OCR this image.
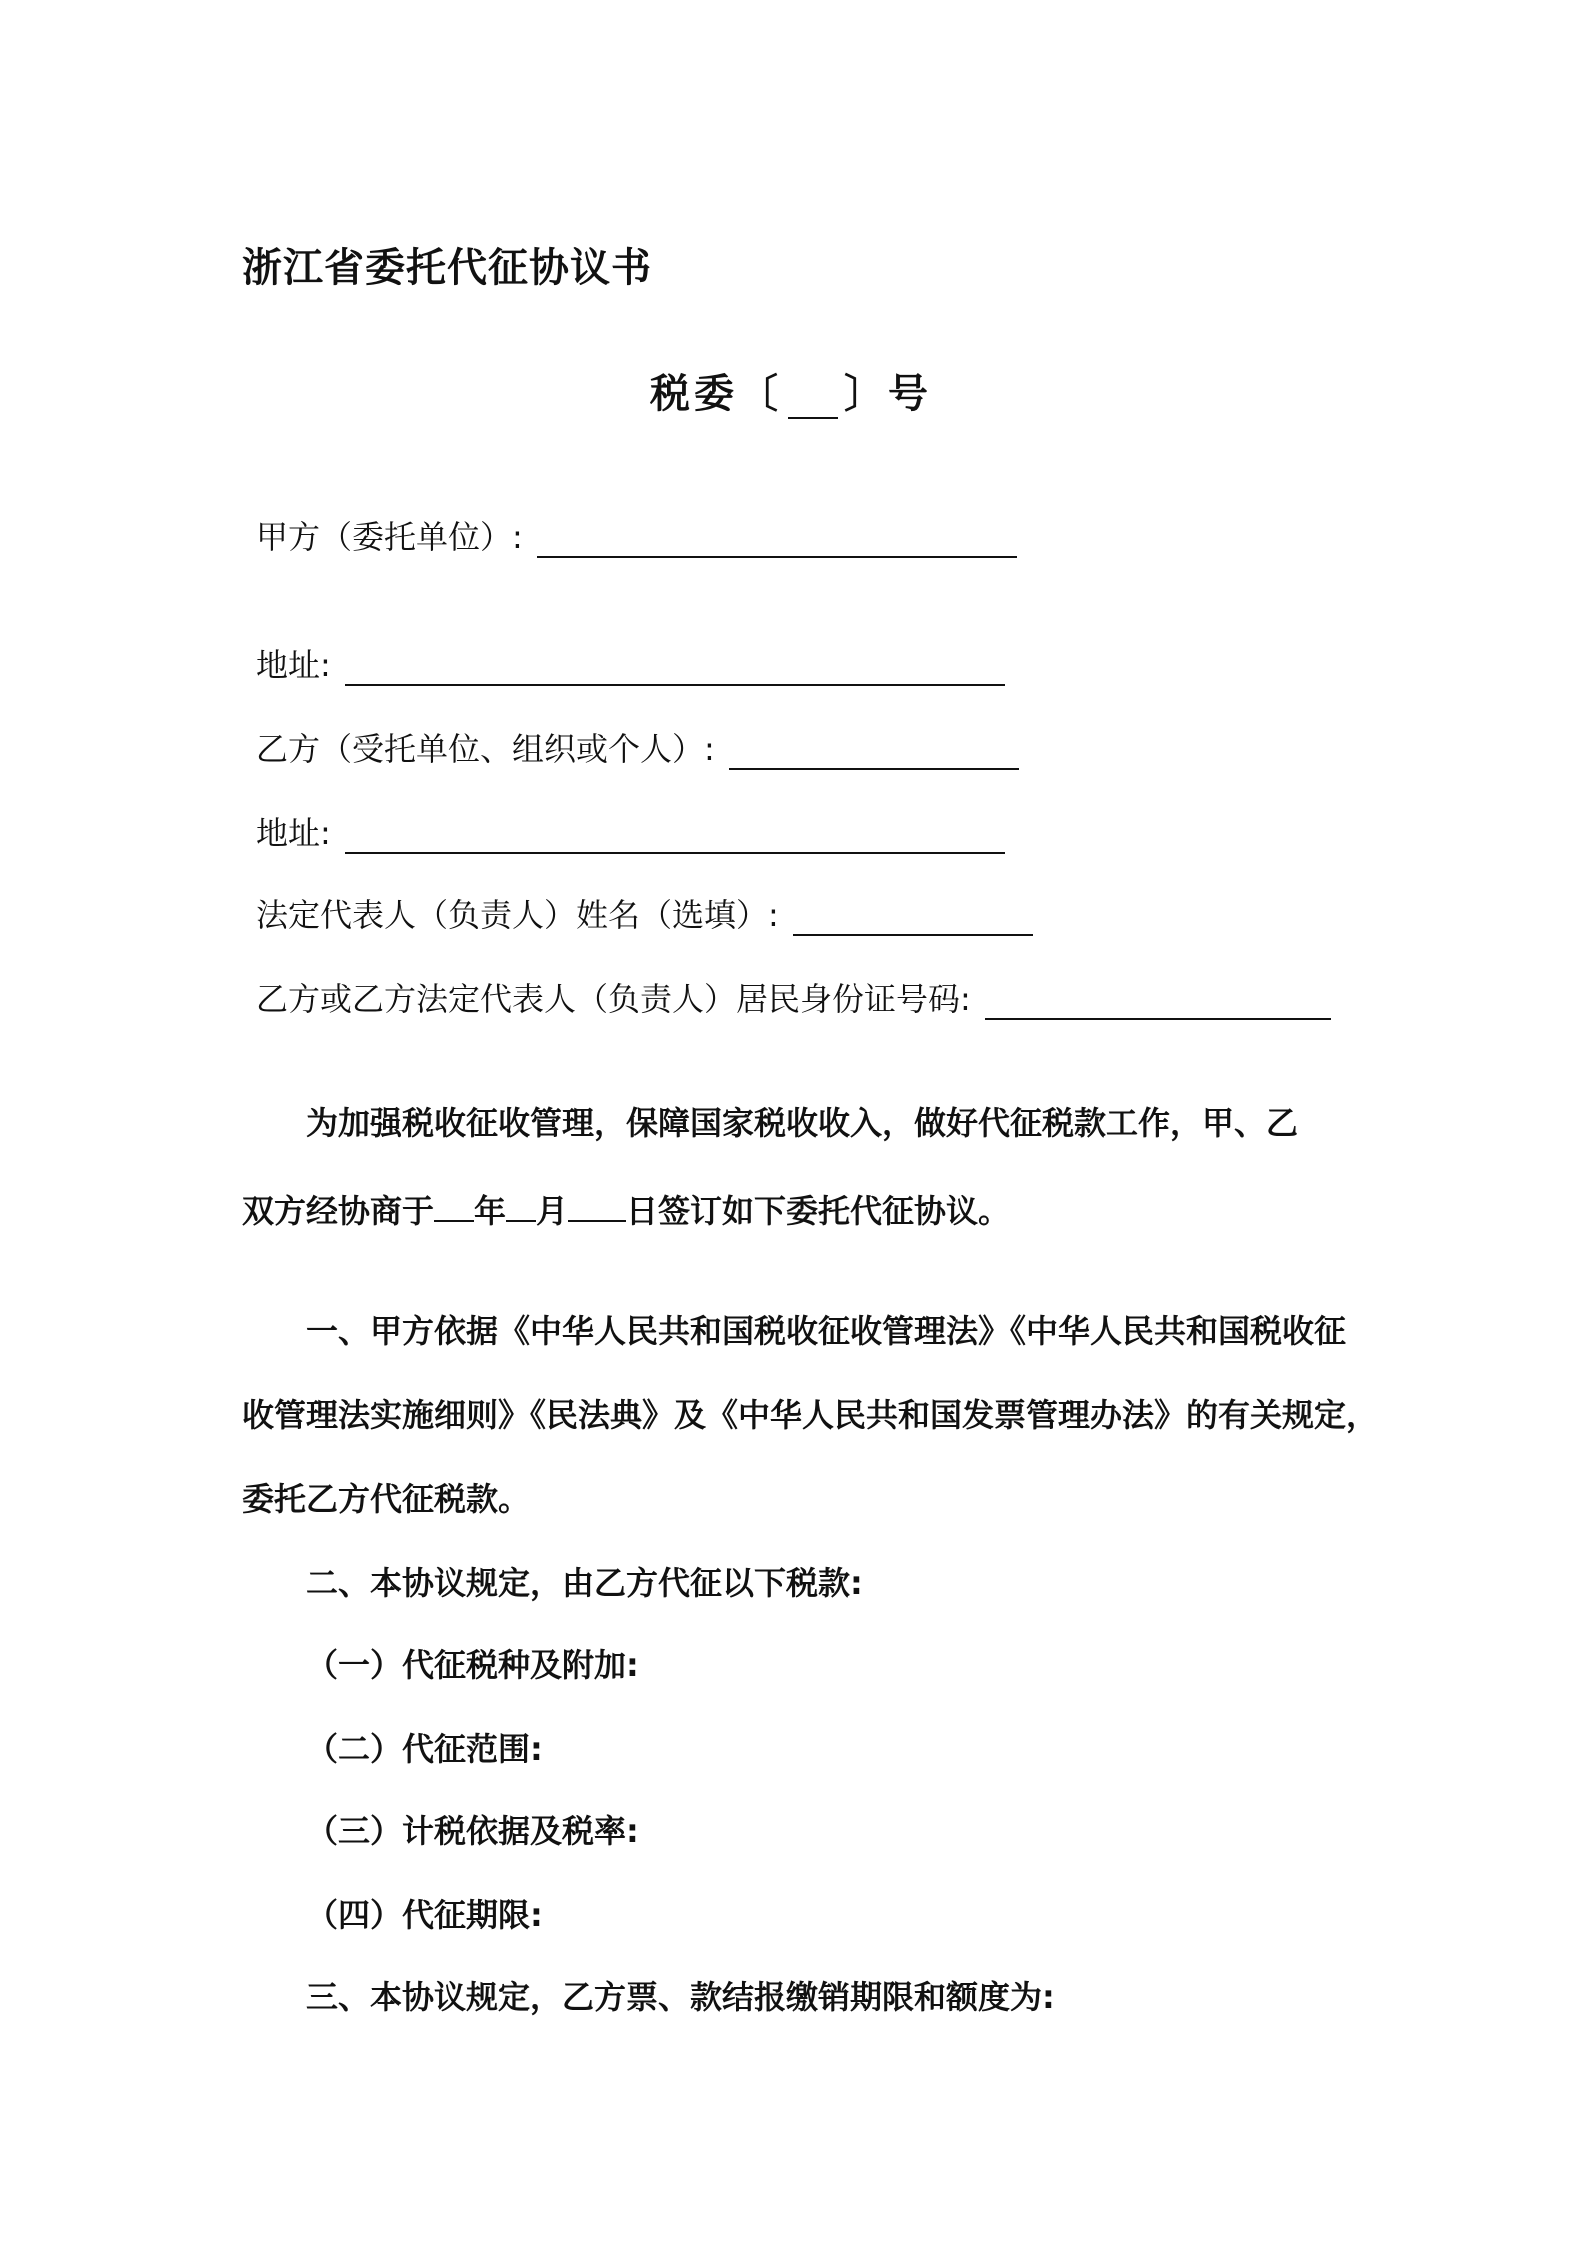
浙江省委托代征协议书
税委〔 〕号
甲方（委托单位）:
地址:
乙方（受托单位、组织或个人）:
地址:
法定代表人（负责人）姓名（选填）:
乙方或乙方法定代表人（负责人）居民身份证号码:
为加强税收征收管理，保障国家税收收入，做好代征税款工作，甲、乙
双方经协商于 年 月 日签订如下委托代征协议。
一、甲方依据《中华人民共和国税收征收管理法》《中华人民共和国税收征
收管理法实施细则》《民法典》及《中华人民共和国发票管理办法》的有关规定，
委托乙方代征税款。
二、本协议规定，由乙方代征以下税款:
（一）代征税种及附加:
（二）代征范围:
（三）计税依据及税率:
（四）代征期限:
三、本协议规定，乙方票、款结报缴销期限和额度为:
